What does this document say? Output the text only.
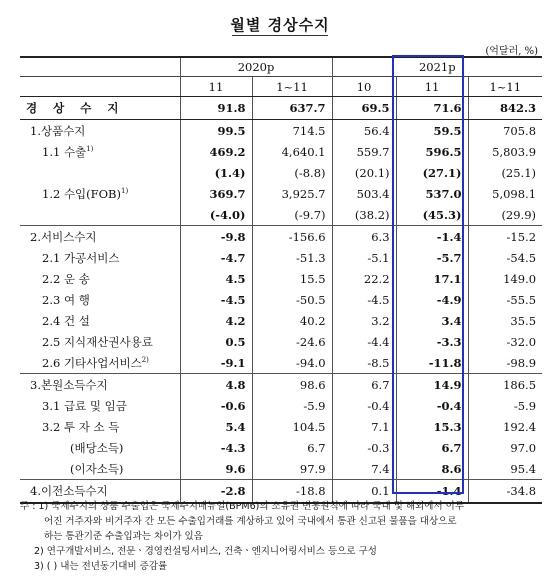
월별 경상수지
(억달러, %)
	2020p		2021p		
	11	1~11	10	11	1~11
경 상 수 지	91.8	637.7	69.5	71.6	842.3
1.상품수지	99.5	714.5	56.4	59.5	705.8
1.1 수출$^{1)}$	469.2	4,640.1	559.7	596.5	5,803.9
	(1.4)	(-8.8)	(20.1)	(27.1)	(25.1)
1.2 수입(FOB)$^{1)}$	369.7	3,925.7	503.4	537.0	5,098.1
	(-4.0)	(-9.7)	(38.2)	(45.3)	(29.9)
2.서비스수지	-9.8	-156.6	6.3	-1.4	-15.2
2.1 가공서비스	-4.7	-51.3	-5.1	-5.7	-54.5
2.2 운 송	4.5	15.5	22.2	17.1	149.0
2.3 여 행	-4.5	-50.5	-4.5	-4.9	-55.5
2.4 건 설	4.2	40.2	3.2	3.4	35.5
2.5 지식재산권사용료	0.5	-24.6	-4.4	-3.3	-32.0
2.6 기타사업서비스$^{2)}$	-9.1	-94.0	-8.5	-11.8	-98.9
3.본원소득수지	4.8	98.6	6.7	14.9	186.5
3.1 급료 및 임금	-0.6	-5.9	-0.4	-0.4	-5.9
3.2 투 자 소 득	5.4	104.5	7.1	15.3	192.4
(배당소득)	-4.3	6.7	-0.3	6.7	97.0
(이자소득)	9.6	97.9	7.4	8.6	95.4
4.이전소득수지	-2.8	-18.8	0.1	-1.4	-34.8
주 : 1) 국제수지의 상품 수출입은 국제수지매뉴얼(BPM6)의 소유권 변동원칙에 따라 국내 및 해외에서 이루
어진 거주자와 비거주자 간 모든 수출입거래를 계상하고 있어 국내에서 통관 신고된 물품을 대상으로
하는 통관기준 수출입과는 차이가 있음
2) 연구개발서비스, 전문ㆍ경영컨설팅서비스, 건축ㆍ엔지니어링서비스 등으로 구성
3) ( ) 내는 전년동기대비 증감률
